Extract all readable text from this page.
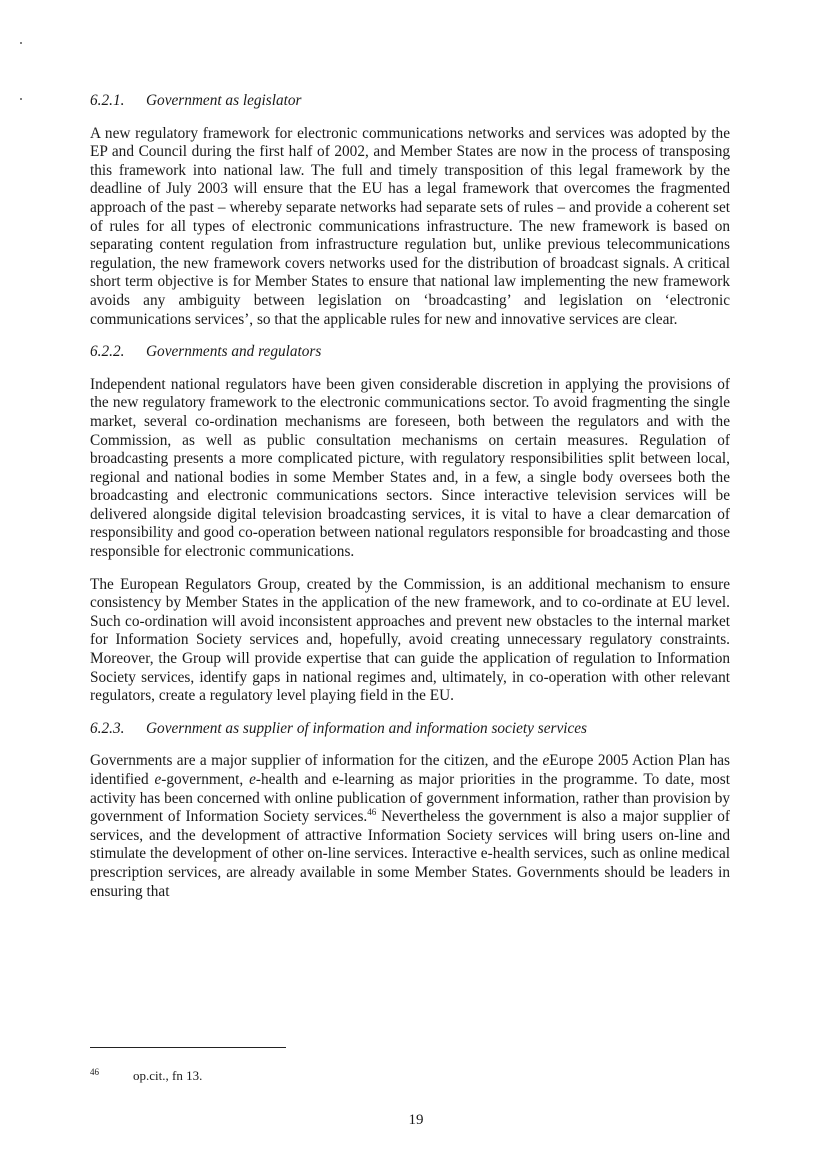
6.2.1. Government as legislator

A new regulatory framework for electronic communications networks and services was adopted by the EP and Council during the first half of 2002, and Member States are now in the process of transposing this framework into national law. The full and timely transposition of this legal framework by the deadline of July 2003 will ensure that the EU has a legal framework that overcomes the fragmented approach of the past – whereby separate networks had separate sets of rules – and provide a coherent set of rules for all types of electronic communications infrastructure. The new framework is based on separating content regulation from infrastructure regulation but, unlike previous telecommunications regulation, the new framework covers networks used for the distribution of broadcast signals. A critical short term objective is for Member States to ensure that national law implementing the new framework avoids any ambiguity between legislation on ‘broadcasting’ and legislation on ‘electronic communications services’, so that the applicable rules for new and innovative services are clear.

6.2.2. Governments and regulators

Independent national regulators have been given considerable discretion in applying the provisions of the new regulatory framework to the electronic communications sector. To avoid fragmenting the single market, several co-ordination mechanisms are foreseen, both between the regulators and with the Commission, as well as public consultation mechanisms on certain measures. Regulation of broadcasting presents a more complicated picture, with regulatory responsibilities split between local, regional and national bodies in some Member States and, in a few, a single body oversees both the broadcasting and electronic communications sectors. Since interactive television services will be delivered alongside digital television broadcasting services, it is vital to have a clear demarcation of responsibility and good co-operation between national regulators responsible for broadcasting and those responsible for electronic communications.

The European Regulators Group, created by the Commission, is an additional mechanism to ensure consistency by Member States in the application of the new framework, and to co-ordinate at EU level. Such co-ordination will avoid inconsistent approaches and prevent new obstacles to the internal market for Information Society services and, hopefully, avoid creating unnecessary regulatory constraints. Moreover, the Group will provide expertise that can guide the application of regulation to Information Society services, identify gaps in national regimes and, ultimately, in co-operation with other relevant regulators, create a regulatory level playing field in the EU.

6.2.3. Government as supplier of information and information society services

Governments are a major supplier of information for the citizen, and the eEurope 2005 Action Plan has identified e-government, e-health and e-learning as major priorities in the programme. To date, most activity has been concerned with online publication of government information, rather than provision by government of Information Society services.$^{46}$ Nevertheless the government is also a major supplier of services, and the development of attractive Information Society services will bring users on-line and stimulate the development of other on-line services. Interactive e-health services, such as online medical prescription services, are already available in some Member States. Governments should be leaders in ensuring that

46	op.cit., fn 13.
19
